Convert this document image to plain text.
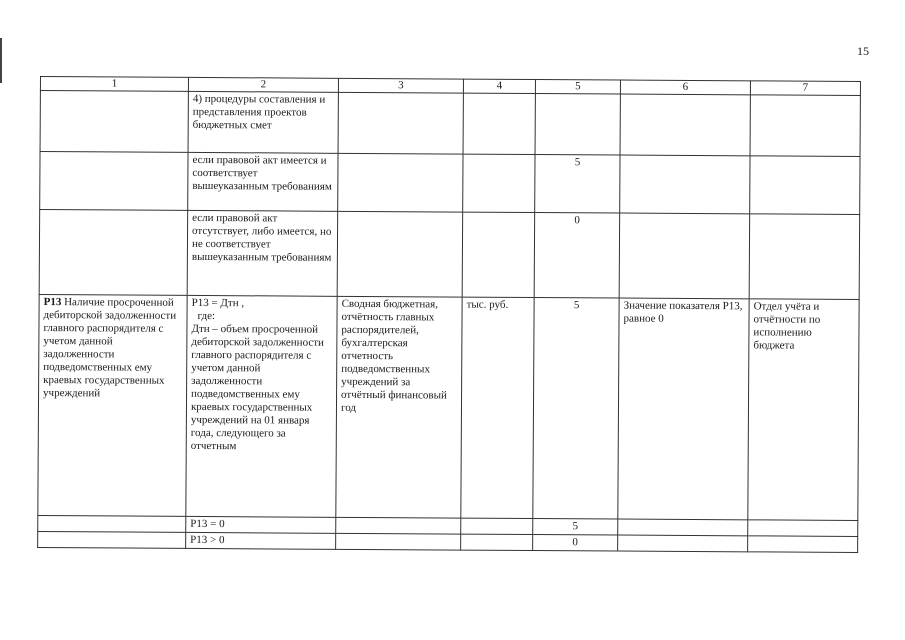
15
1	2	3	4	5	6	7
	4) процедуры составления и представления проектов бюджетных смет					
	если правовой акт имеется и соответствует вышеуказанным требованиям			5		
	если правовой акт отсутствует, либо имеется, но не соответствует вышеуказанным требованиям			0		
P13 Наличие просроченной дебиторской задолженности главного распорядителя с учетом данной задолженности подведомственных ему краевых государственных учреждений	P13 = Дтн ,
где:
Дтн – объем просроченной дебиторской задолженности главного распорядителя с учетом данной задолженности подведомственных ему краевых государственных учреждений на 01 января года, следующего за отчетным	Сводная бюджетная, отчётность главных распорядителей, бухгалтерская отчетность подведомственных учреждений за отчётный финансовый год	тыс. руб.	5	Значение показателя P13, равное 0	Отдел учёта и отчётности по исполнению бюджета
	P13 = 0			5		
	P13 > 0			0		
